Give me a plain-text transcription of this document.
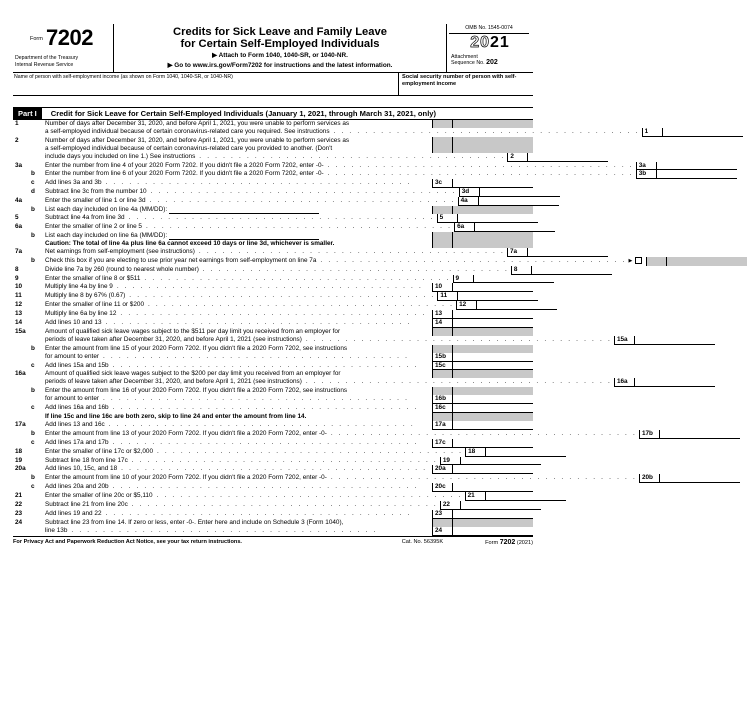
Form 7202
Department of the Treasury
Internal Revenue Service
Credits for Sick Leave and Family Leave
for Certain Self-Employed Individuals
▶ Attach to Form 1040, 1040-SR, or 1040-NR.
▶ Go to www.irs.gov/Form7202 for instructions and the latest information.
OMB No. 1545-0074
2021
Attachment
Sequence No. 202
Name of person with self-employment income (as shown on Form 1040, 1040-SR, or 1040-NR)	Social security number of person with self-employment income
Part I	Credit for Sick Leave for Certain Self-Employed Individuals (January 1, 2021, through March 31, 2021, only)
1	Number of days after December 31, 2020, and before April 1, 2021, you were unable to perform services as
a self-employed individual because of certain coronavirus-related care you required. See instructions . . . . . . . . . . . . . . . . . . . . . . . . . . . . . . . . . . . . . . . 1
2	Number of days after December 31, 2020, and before April 1, 2021, you were unable to perform services as
a self-employed individual because of certain coronavirus-related care you provided to another. (Don't
include days you included on line 1.) See instructions . . . . . . . . . . . . . . . . . . . . . . . . . . . . . . . . . . . . . . . 2
3a	Enter the number from line 4 of your 2020 Form 7202. If you didn't file a 2020 Form 7202, enter -0- . . . . . . . . . . . . . . . . . . . . . . . . . . . . . . . . . . . . . . . 3a
b	Enter the number from line 6 of your 2020 Form 7202. If you didn't file a 2020 Form 7202, enter -0- . . . . . . . . . . . . . . . . . . . . . . . . . . . . . . . . . . . . . . . 3b
c	Add lines 3a and 3b . . . . . . . . . . . . . . . . . . . . . . . . . . . . . . . . . . . . . . .	3c
d	Subtract line 3c from the number 10 . . . . . . . . . . . . . . . . . . . . . . . . . . . . . . . . . . . . . . . 3d
4a	Enter the smaller of line 1 or line 3d . . . . . . . . . . . . . . . . . . . . . . . . . . . . . . . . . . . . . . . 4a
b	List each day included on line 4a (MM/DD):
5	Subtract line 4a from line 3d . . . . . . . . . . . . . . . . . . . . . . . . . . . . . . . . . . . . . . . 5
6a	Enter the smaller of line 2 or line 5 . . . . . . . . . . . . . . . . . . . . . . . . . . . . . . . . . . . . . . . 6a
b	List each day included on line 6a (MM/DD):
Caution: The total of line 4a plus line 6a cannot exceed 10 days or line 3d, whichever is smaller.
7a	Net earnings from self-employment (see instructions) . . . . . . . . . . . . . . . . . . . . . . . . . . . . . . . . . . . . . . . 7a
b	Check this box if you are electing to use prior year net earnings from self-employment on line 7a . . . . . . . . . . . . . . . . . . . . . . . . . . . . . . . . . . . . . . . ▶
8	Divide line 7a by 260 (round to nearest whole number) . . . . . . . . . . . . . . . . . . . . . . . . . . . . . . . . . . . . . . . 8
9	Enter the smaller of line 8 or $511 . . . . . . . . . . . . . . . . . . . . . . . . . . . . . . . . . . . . . . . 9
10	Multiply line 4a by line 9 . . . . . . . . . . . . . . . . . . . . . . . . . . . . . . . . . . . . . . .	10
11	Multiply line 8 by 67% (0.67) . . . . . . . . . . . . . . . . . . . . . . . . . . . . . . . . . . . . . . . 11
12	Enter the smaller of line 11 or $200 . . . . . . . . . . . . . . . . . . . . . . . . . . . . . . . . . . . . . . . 12
13	Multiply line 6a by line 12 . . . . . . . . . . . . . . . . . . . . . . . . . . . . . . . . . . . . . . .	13
14	Add lines 10 and 13 . . . . . . . . . . . . . . . . . . . . . . . . . . . . . . . . . . . . . . .	14
15a	Amount of qualified sick leave wages subject to the $511 per day limit you received from an employer for
periods of leave taken after December 31, 2020, and before April 1, 2021 (see instructions) . . . . . . . . . . . . . . . . . . . . . . . . . . . . . . . . . . . . . . . 15a
b	Enter the amount from line 15 of your 2020 Form 7202. If you didn't file a 2020 Form 7202, see instructions
for amount to enter . . . . . . . . . . . . . . . . . . . . . . . . . . . . . . . . . . . . . . .	15b
c	Add lines 15a and 15b . . . . . . . . . . . . . . . . . . . . . . . . . . . . . . . . . . . . . . .	15c
16a	Amount of qualified sick leave wages subject to the $200 per day limit you received from an employer for
periods of leave taken after December 31, 2020, and before April 1, 2021 (see instructions) . . . . . . . . . . . . . . . . . . . . . . . . . . . . . . . . . . . . . . . 16a
b	Enter the amount from line 16 of your 2020 Form 7202. If you didn't file a 2020 Form 7202, see instructions
for amount to enter . . . . . . . . . . . . . . . . . . . . . . . . . . . . . . . . . . . . . . .	16b
c	Add lines 16a and 16b . . . . . . . . . . . . . . . . . . . . . . . . . . . . . . . . . . . . . . .	16c
If line 15c and line 16c are both zero, skip to line 24 and enter the amount from line 14.
17a	Add lines 13 and 16c . . . . . . . . . . . . . . . . . . . . . . . . . . . . . . . . . . . . . . .	17a
b	Enter the amount from line 13 of your 2020 Form 7202. If you didn't file a 2020 Form 7202, enter -0- . . . . . . . . . . . . . . . . . . . . . . . . . . . . . . . . . . . . . . . 17b
c	Add lines 17a and 17b . . . . . . . . . . . . . . . . . . . . . . . . . . . . . . . . . . . . . . .	17c
18	Enter the smaller of line 17c or $2,000 . . . . . . . . . . . . . . . . . . . . . . . . . . . . . . . . . . . . . . . 18
19	Subtract line 18 from line 17c . . . . . . . . . . . . . . . . . . . . . . . . . . . . . . . . . . . . . . . 19
20a	Add lines 10, 15c, and 18 . . . . . . . . . . . . . . . . . . . . . . . . . . . . . . . . . . . . . . .	20a
b	Enter the amount from line 10 of your 2020 Form 7202. If you didn't file a 2020 Form 7202, enter -0- . . . . . . . . . . . . . . . . . . . . . . . . . . . . . . . . . . . . . . . 20b
c	Add lines 20a and 20b . . . . . . . . . . . . . . . . . . . . . . . . . . . . . . . . . . . . . . .	20c
21	Enter the smaller of line 20c or $5,110 . . . . . . . . . . . . . . . . . . . . . . . . . . . . . . . . . . . . . . . 21
22	Subtract line 21 from line 20c . . . . . . . . . . . . . . . . . . . . . . . . . . . . . . . . . . . . . . . 22
23	Add lines 19 and 22 . . . . . . . . . . . . . . . . . . . . . . . . . . . . . . . . . . . . . . .	23
24	Subtract line 23 from line 14. If zero or less, enter -0-. Enter here and include on Schedule 3 (Form 1040),
line 13b . . . . . . . . . . . . . . . . . . . . . . . . . . . . . . . . . . . . . . .	24
For Privacy Act and Paperwork Reduction Act Notice, see your tax return instructions.	Cat. No. 56395K	Form 7202 (2021)
